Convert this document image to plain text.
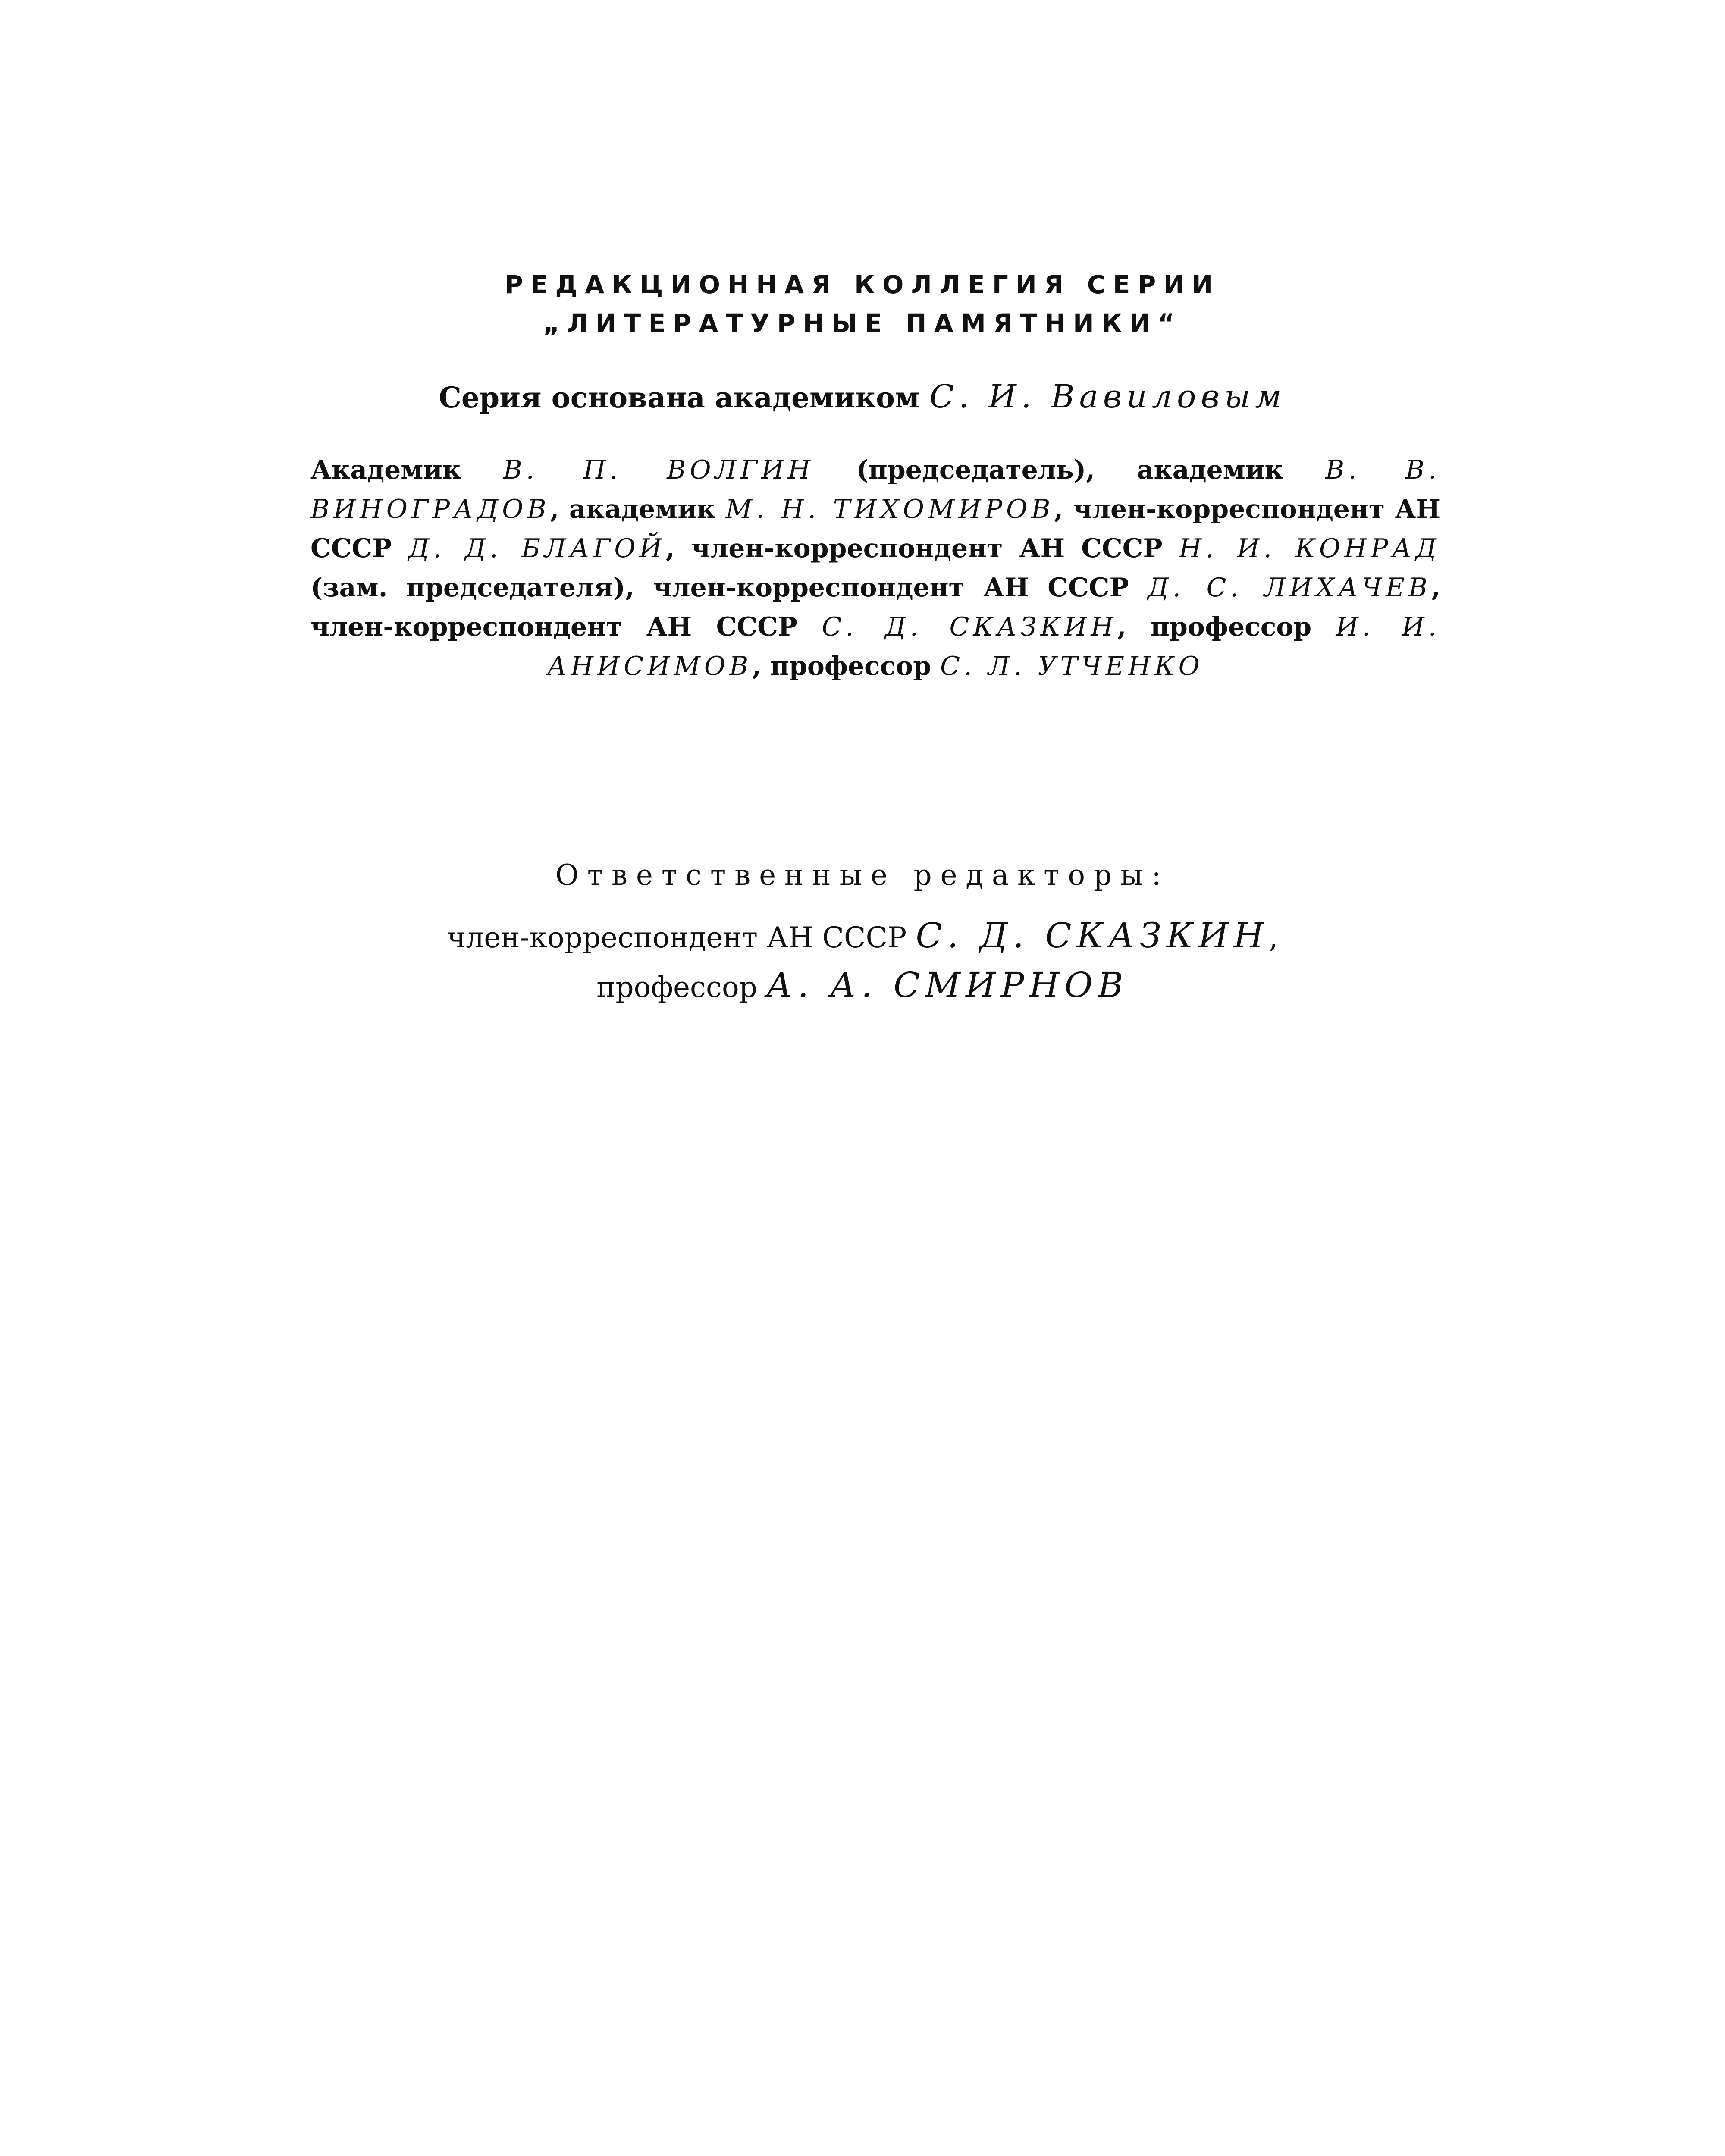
РЕДАКЦИОННАЯ КОЛЛЕГИЯ СЕРИИ
„ЛИТЕРАТУРНЫЕ ПАМЯТНИКИ“
Серия основана академиком С. И. Вавиловым
Академик В. П. ВОЛГИН (председатель), академик В. В. ВИНОГРАДОВ, академик М. Н. ТИХОМИРОВ, член-корреспондент АН СССР Д. Д. БЛАГОЙ, член-корреспондент АН СССР Н. И. КОНРАД (зам. председателя), член-корреспондент АН СССР Д. С. ЛИХАЧЕВ, член-корреспондент АН СССР С. Д. СКАЗКИН, профессор И. И. АНИСИМОВ, профессор С. Л. УТЧЕНКО
Ответственные редакторы:
член-корреспондент АН СССР С. Д. СКАЗКИН,
профессор А. А. СМИРНОВ
